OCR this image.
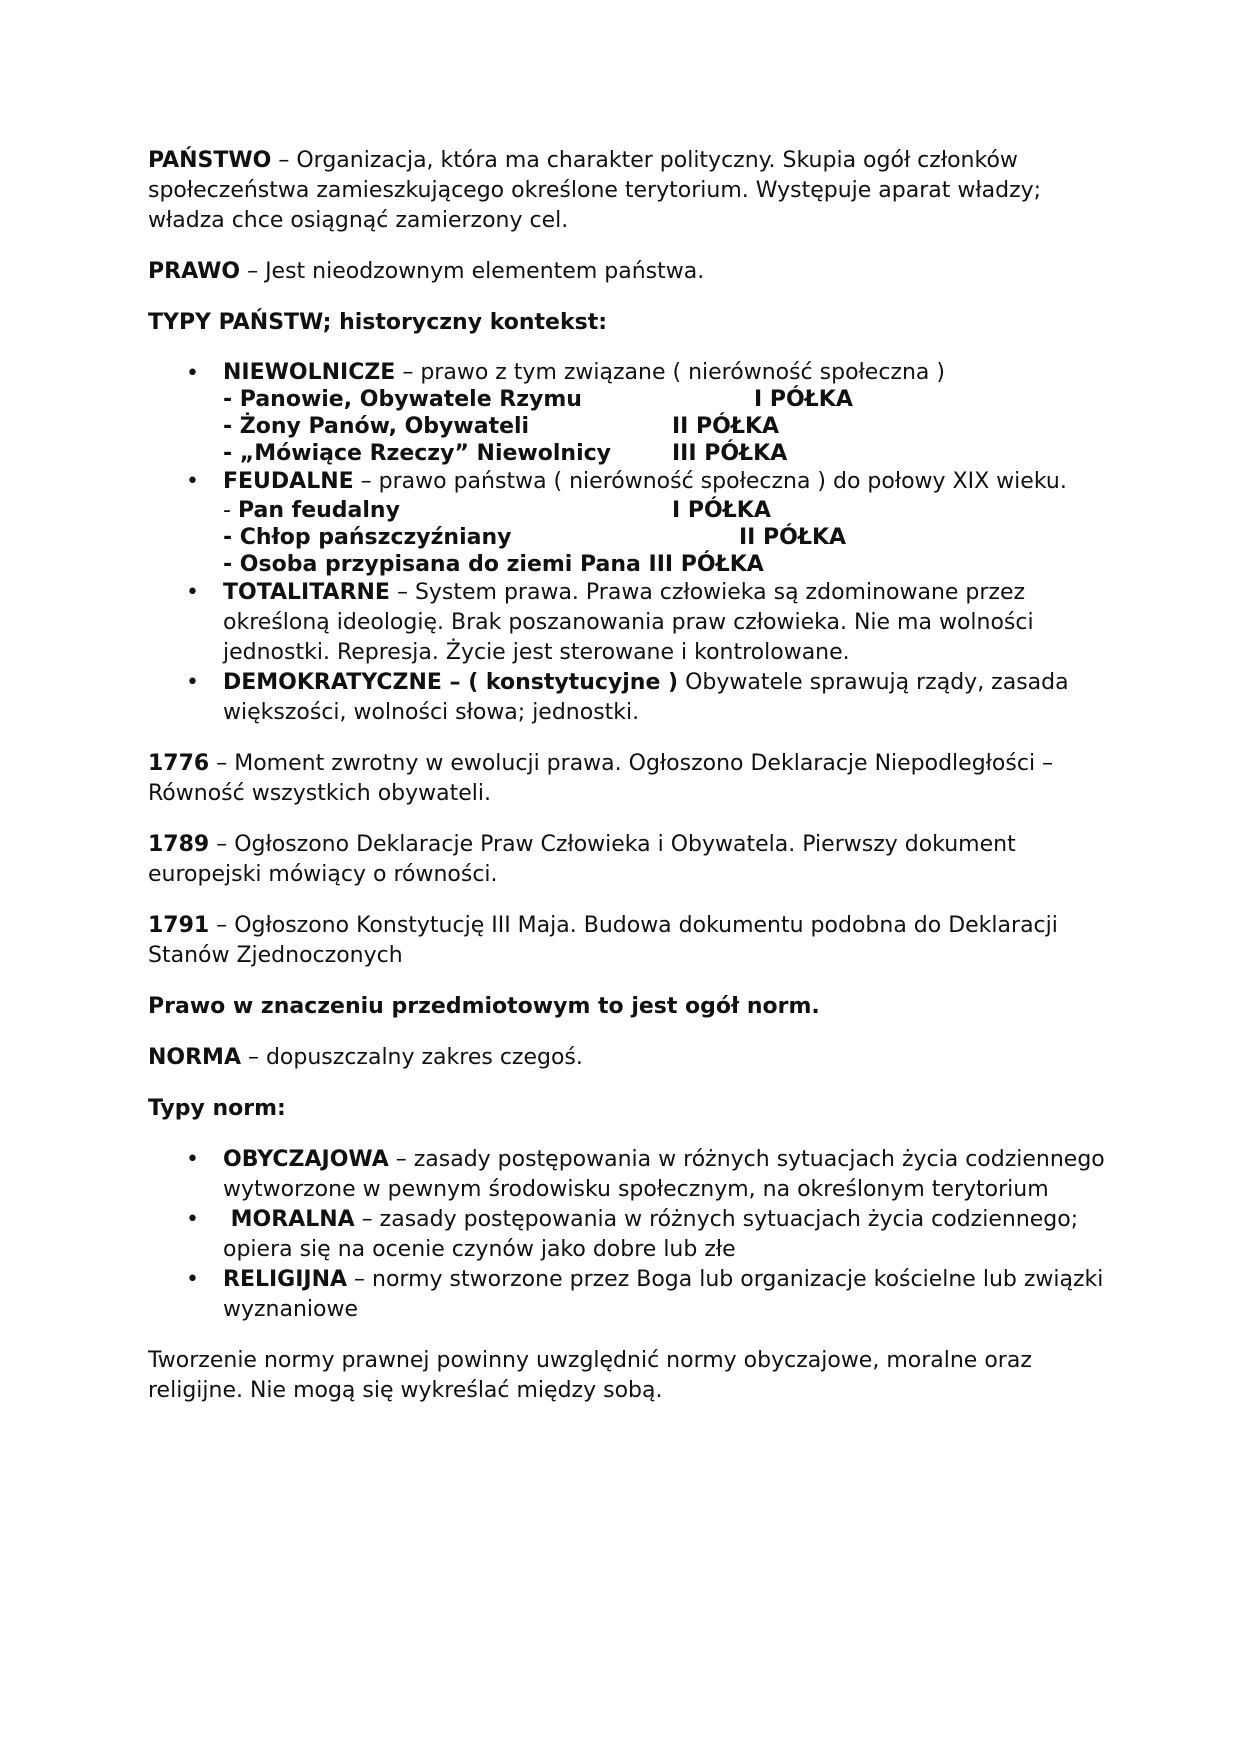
PAŃSTWO – Organizacja, która ma charakter polityczny. Skupia ogół członków społeczeństwa zamieszkującego określone terytorium. Występuje aparat władzy; władza chce osiągnąć zamierzony cel.

PRAWO – Jest nieodzownym elementem państwa.

TYPY PAŃSTW; historyczny kontekst:

• NIEWOLNICZE – prawo z tym związane ( nierówność społeczna )
- Panowie, Obywatele Rzymu	I PÓŁKA
- Żony Panów, Obywateli	II PÓŁKA
- „Mówiące Rzeczy” Niewolnicy	III PÓŁKA
• FEUDALNE – prawo państwa ( nierówność społeczna ) do połowy XIX wieku.
- Pan feudalny	I PÓŁKA
- Chłop pańszczyźniany	II PÓŁKA
- Osoba przypisana do ziemi Pana III PÓŁKA
• TOTALITARNE – System prawa. Prawa człowieka są zdominowane przez określoną ideologię. Brak poszanowania praw człowieka. Nie ma wolności jednostki. Represja. Życie jest sterowane i kontrolowane.
• DEMOKRATYCZNE – ( konstytucyjne ) Obywatele sprawują rządy, zasada większości, wolności słowa; jednostki.

1776 – Moment zwrotny w ewolucji prawa. Ogłoszono Deklaracje Niepodległości – Równość wszystkich obywateli.

1789 – Ogłoszono Deklaracje Praw Człowieka i Obywatela. Pierwszy dokument europejski mówiący o równości.

1791 – Ogłoszono Konstytucję III Maja. Budowa dokumentu podobna do Deklaracji Stanów Zjednoczonych

Prawo w znaczeniu przedmiotowym to jest ogół norm.

NORMA – dopuszczalny zakres czegoś.

Typy norm:

• OBYCZAJOWA – zasady postępowania w różnych sytuacjach życia codziennego wytworzone w pewnym środowisku społecznym, na określonym terytorium
• MORALNA – zasady postępowania w różnych sytuacjach życia codziennego; opiera się na ocenie czynów jako dobre lub złe
• RELIGIJNA – normy stworzone przez Boga lub organizacje kościelne lub związki wyznaniowe

Tworzenie normy prawnej powinny uwzględnić normy obyczajowe, moralne oraz religijne. Nie mogą się wykreślać między sobą.
